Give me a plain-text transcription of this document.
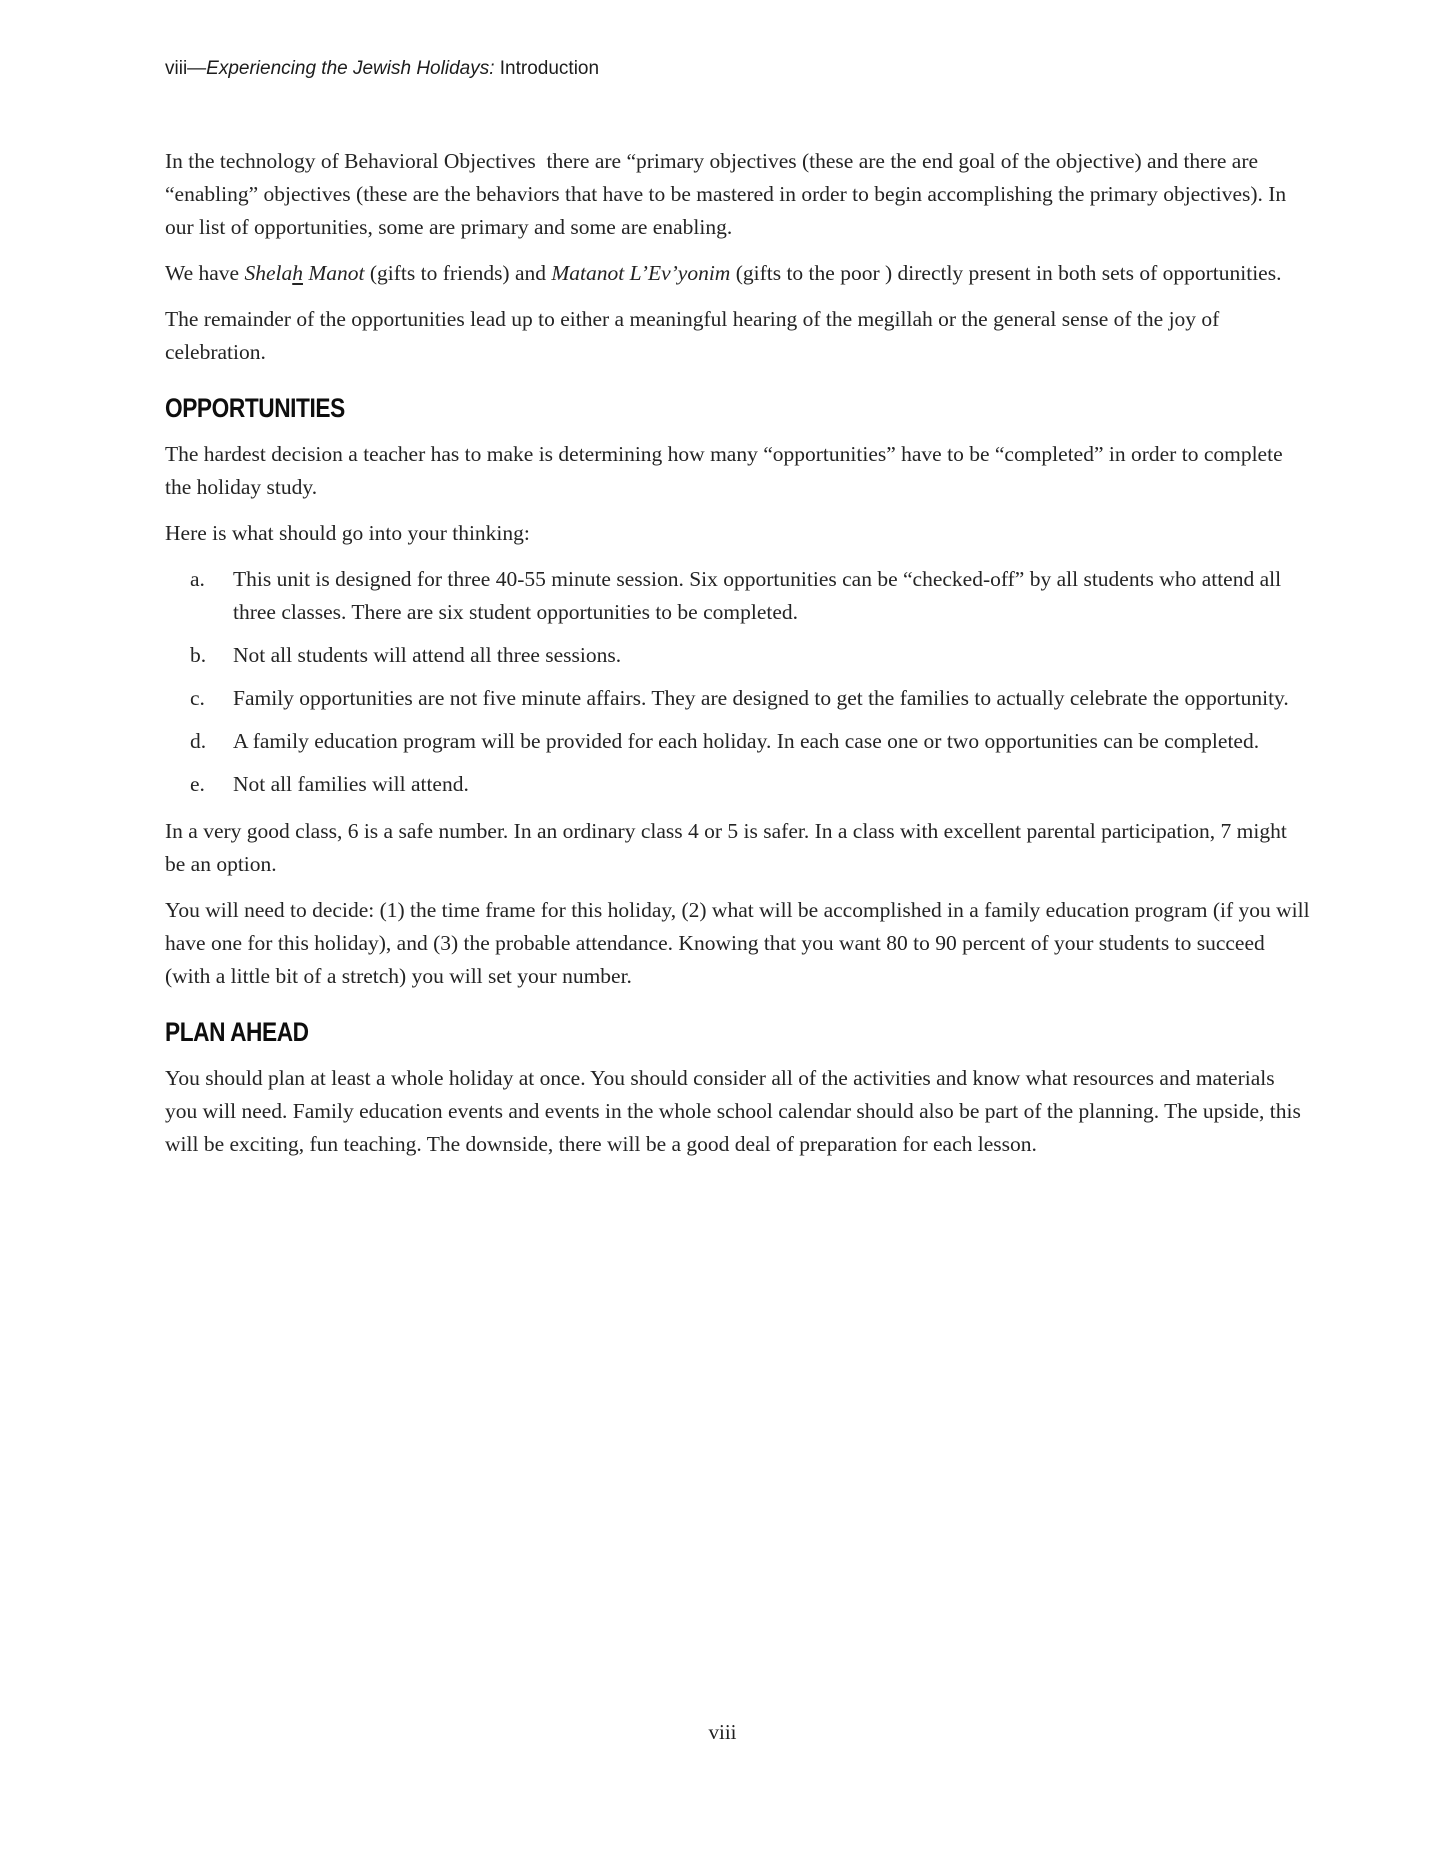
viii—Experiencing the Jewish Holidays: Introduction

In the technology of Behavioral Objectives  there are “primary objectives (these are the end goal of the objective) and there are “enabling” objectives (these are the behaviors that have to be mastered in order to begin accomplishing the primary objectives). In our list of opportunities, some are primary and some are enabling.

We have Shelah Manot (gifts to friends) and Matanot L’Ev’yonim (gifts to the poor ) directly present in both sets of opportunities.

The remainder of the opportunities lead up to either a meaningful hearing of the megillah or the general sense of the joy of celebration.

OPPORTUNITIES

The hardest decision a teacher has to make is determining how many “opportunities” have to be “completed” in order to complete the holiday study.

Here is what should go into your thinking:

a.	This unit is designed for three 40-55 minute session. Six opportunities can be “checked-off” by all students who attend all three classes. There are six student opportunities to be completed.
b.	Not all students will attend all three sessions.
c.	Family opportunities are not five minute affairs. They are designed to get the families to actually celebrate the opportunity.
d.	A family education program will be provided for each holiday. In each case one or two opportunities can be completed.
e.	Not all families will attend.

In a very good class, 6 is a safe number. In an ordinary class 4 or 5 is safer. In a class with excellent parental participation, 7 might be an option.

You will need to decide: (1) the time frame for this holiday, (2) what will be accomplished in a family education program (if you will have one for this holiday), and (3) the probable attendance. Knowing that you want 80 to 90 percent of your students to succeed (with a little bit of a stretch) you will set your number.

PLAN AHEAD

You should plan at least a whole holiday at once. You should consider all of the activities and know what resources and materials you will need. Family education events and events in the whole school calendar should also be part of the planning. The upside, this will be exciting, fun teaching. The downside, there will be a good deal of preparation for each lesson.

viii
